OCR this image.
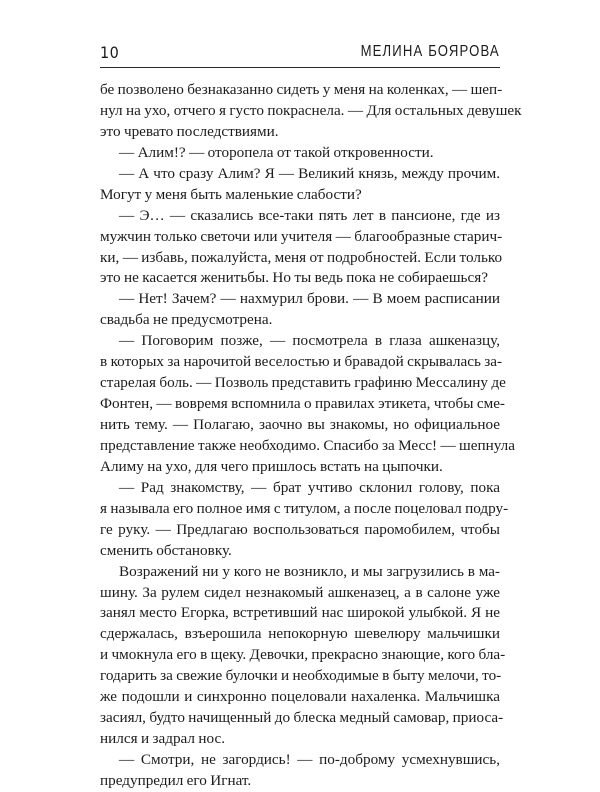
10	МЕЛИНА БОЯРОВА
бе позволено безнаказанно сидеть у меня на коленках, — шеп-
нул на ухо, отчего я густо покраснела. — Для остальных девушек
это чревато последствиями.
— Алим!? — оторопела от такой откровенности.
— А что сразу Алим? Я — Великий князь, между прочим.
Могут у меня быть маленькие слабости?
— Э… — сказались все-таки пять лет в пансионе, где из
мужчин только светочи или учителя — благообразные старич-
ки, — избавь, пожалуйста, меня от подробностей. Если только
это не касается женитьбы. Но ты ведь пока не собираешься?
— Нет! Зачем? — нахмурил брови. — В моем расписании
свадьба не предусмотрена.
— Поговорим позже, — посмотрела в глаза ашкеназцу,
в которых за нарочитой веселостью и бравадой скрывалась за-
старелая боль. — Позволь представить графиню Мессалину де
Фонтен, — вовремя вспомнила о правилах этикета, чтобы сме-
нить тему. — Полагаю, заочно вы знакомы, но официальное
представление также необходимо. Спасибо за Месс! — шепнула
Алиму на ухо, для чего пришлось встать на цыпочки.
— Рад знакомству, — брат учтиво склонил голову, пока
я называла его полное имя с титулом, а после поцеловал подру-
ге руку. — Предлагаю воспользоваться паромобилем, чтобы
сменить обстановку.
Возражений ни у кого не возникло, и мы загрузились в ма-
шину. За рулем сидел незнакомый ашкеназец, а в салоне уже
занял место Егорка, встретивший нас широкой улыбкой. Я не
сдержалась, взъерошила непокорную шевелюру мальчишки
и чмокнула его в щеку. Девочки, прекрасно знающие, кого бла-
годарить за свежие булочки и необходимые в быту мелочи, то-
же подошли и синхронно поцеловали нахаленка. Мальчишка
засиял, будто начищенный до блеска медный самовар, приоса-
нился и задрал нос.
— Смотри, не загордись! — по-доброму усмехнувшись,
предупредил его Игнат.
